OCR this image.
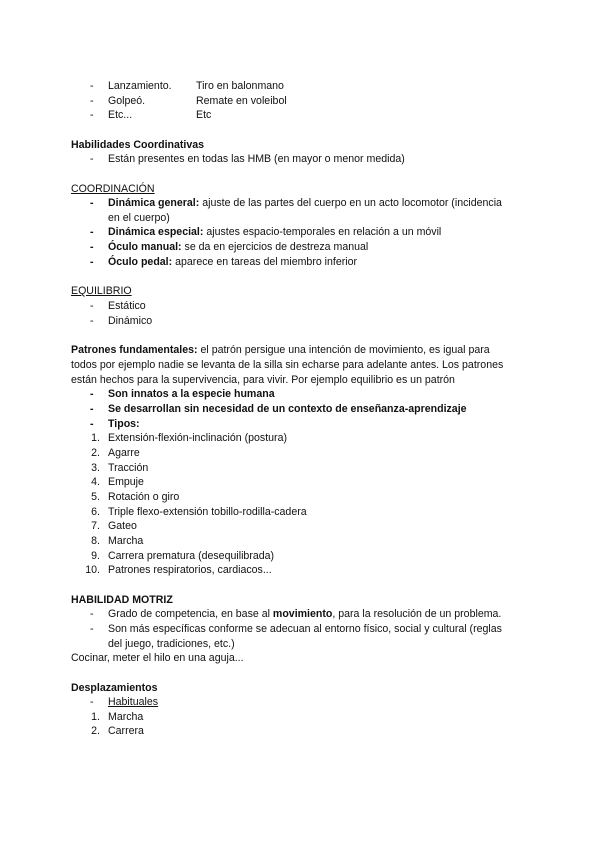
- Lanzamiento. Tiro en balonmano
- Golpeó.	Remate en voleibol
- Etc...	Etc
Habilidades Coordinativas
- Están presentes en todas las HMB (en mayor o menor medida)
COORDINACIÓN
- Dinámica general: ajuste de las partes del cuerpo en un acto locomotor (incidencia
en el cuerpo)
- Dinámica especial: ajustes espacio-temporales en relación a un móvil
- Óculo manual: se da en ejercicios de destreza manual
- Óculo pedal: aparece en tareas del miembro inferior
EQUILIBRIO
- Estático
- Dinámico
Patrones fundamentales: el patrón persigue una intención de movimiento, es igual para
todos por ejemplo nadie se levanta de la silla sin echarse para adelante antes. Los patrones
están hechos para la supervivencia, para vivir. Por ejemplo equilibrio es un patrón
- Son innatos a la especie humana
- Se desarrollan sin necesidad de un contexto de enseñanza-aprendizaje
- Tipos:
1. Extensión-flexión-inclinación (postura)
2. Agarre
3. Tracción
4. Empuje
5. Rotación o giro
6. Triple flexo-extensión tobillo-rodilla-cadera
7. Gateo
8. Marcha
9. Carrera prematura (desequilibrada)
10. Patrones respiratorios, cardiacos...
HABILIDAD MOTRIZ
- Grado de competencia, en base al movimiento, para la resolución de un problema.
- Son más específicas conforme se adecuan al entorno físico, social y cultural (reglas
del juego, tradiciones, etc.)
Cocinar, meter el hilo en una aguja...
Desplazamientos
- Habituales
1. Marcha
2. Carrera
